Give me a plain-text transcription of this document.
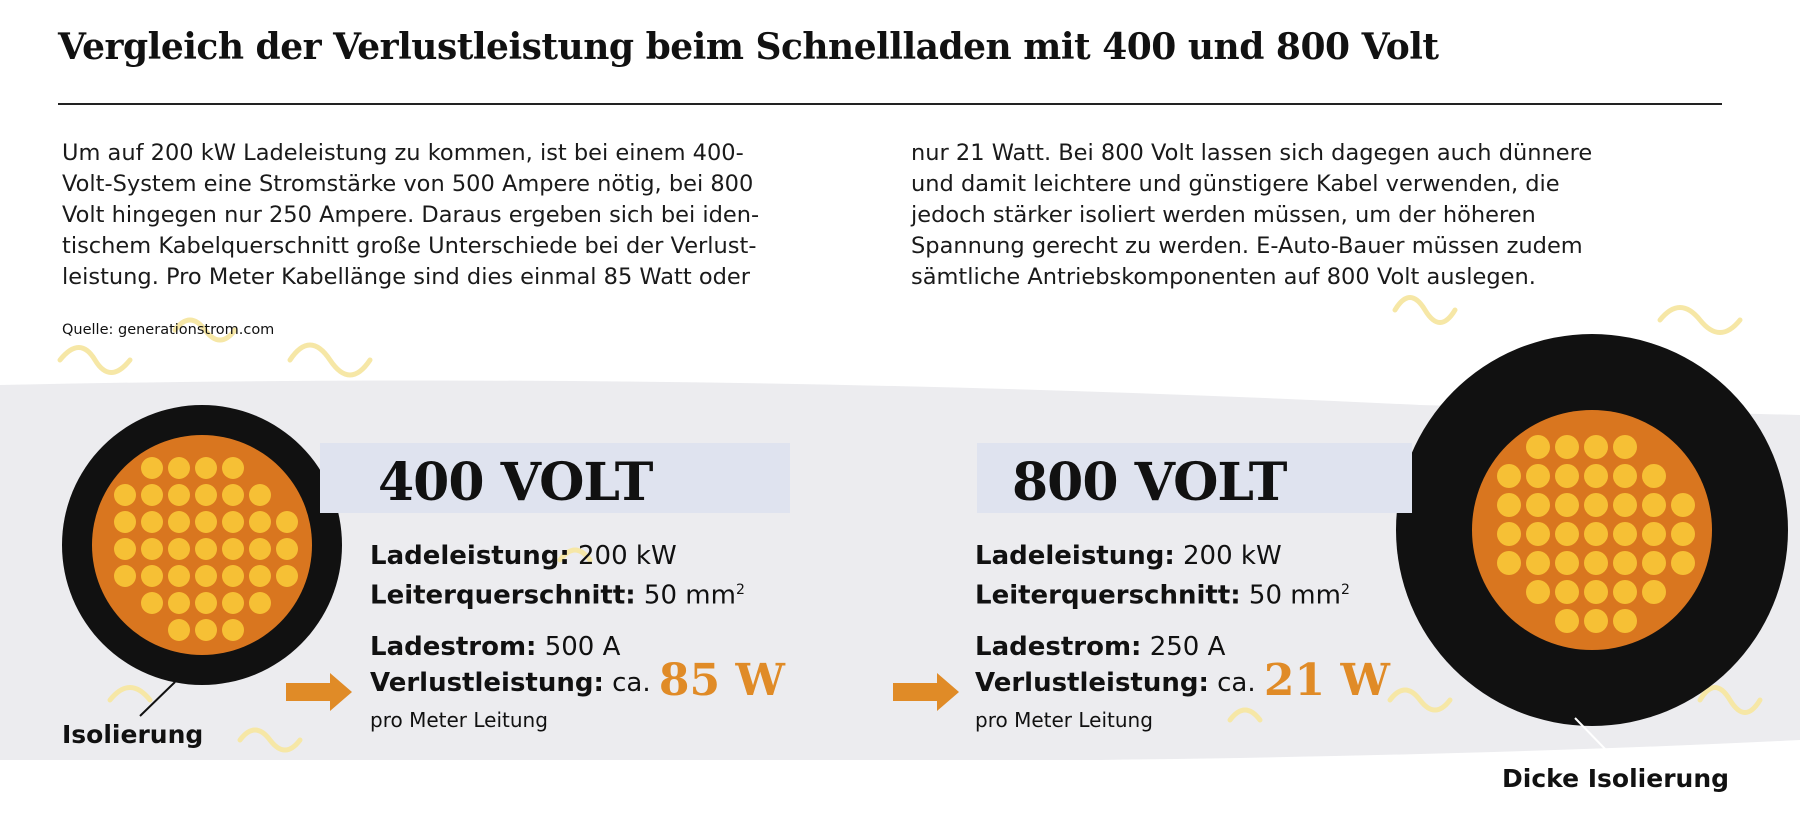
Vergleich der Verlustleistung beim Schnellladen mit 400 und 800 Volt
Um auf 200 kW Ladeleistung zu kommen, ist bei einem 400-
Volt-System eine Stromstärke von 500 Ampere nötig, bei 800
Volt hingegen nur 250 Ampere. Daraus ergeben sich bei iden-
tischem Kabelquerschnitt große Unterschiede bei der Verlust-
leistung. Pro Meter Kabellänge sind dies einmal 85 Watt oder
nur 21 Watt. Bei 800 Volt lassen sich dagegen auch dünnere
und damit leichtere und günstigere Kabel verwenden, die
jedoch stärker isoliert werden müssen, um der höheren
Spannung gerecht zu werden. E-Auto-Bauer müssen zudem
sämtliche Antriebskomponenten auf 800 Volt auslegen.
Quelle: generationstrom.com
400 VOLT	800 VOLT
Ladeleistung: 200 kW
Leiterquerschnitt: 50 $mm^2$
Ladeleistung: 200 kW
Leiterquerschnitt: 50 $mm^2$
Ladestrom: 500 A
Verlustleistung: ca. 85 W
Ladestrom: 250 A
Verlustleistung: ca. 21 W
pro Meter Leitung	pro Meter Leitung
Isolierung
Dicke Isolierung
